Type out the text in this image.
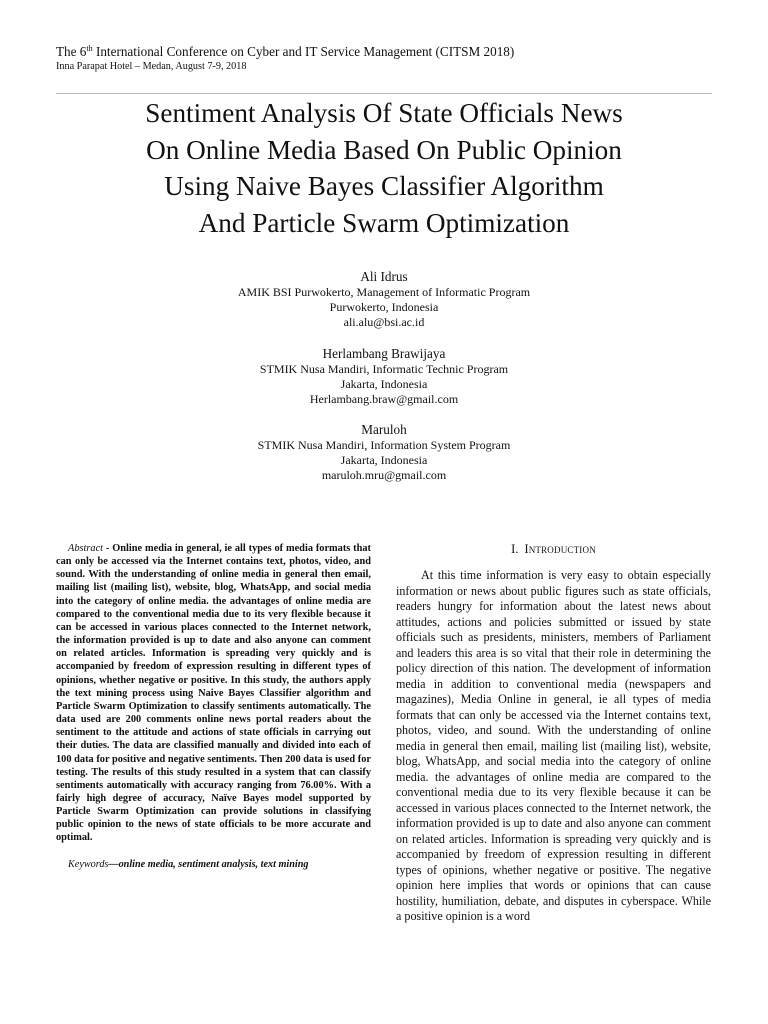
The 6th International Conference on Cyber and IT Service Management (CITSM 2018)
Inna Parapat Hotel – Medan, August 7-9, 2018
Sentiment Analysis Of State Officials News
On Online Media Based On Public Opinion
Using Naive Bayes Classifier Algorithm
And Particle Swarm Optimization
Ali Idrus
AMIK BSI Purwokerto, Management of Informatic Program
Purwokerto, Indonesia
ali.alu@bsi.ac.id
Herlambang Brawijaya
STMIK Nusa Mandiri, Informatic Technic Program
Jakarta, Indonesia
Herlambang.braw@gmail.com
Maruloh
STMIK Nusa Mandiri, Information System Program
Jakarta, Indonesia
maruloh.mru@gmail.com
Abstract - Online media in general, ie all types of media formats that can only be accessed via the Internet contains text, photos, video, and sound. With the understanding of online media in general then email, mailing list (mailing list), website, blog, WhatsApp, and social media into the category of online media. the advantages of online media are compared to the conventional media due to its very flexible because it can be accessed in various places connected to the Internet network, the information provided is up to date and also anyone can comment on related articles. Information is spreading very quickly and is accompanied by freedom of expression resulting in different types of opinions, whether negative or positive. In this study, the authors apply the text mining process using Naive Bayes Classifier algorithm and Particle Swarm Optimization to classify sentiments automatically. The data used are 200 comments online news portal readers about the sentiment to the attitude and actions of state officials in carrying out their duties. The data are classified manually and divided into each of 100 data for positive and negative sentiments. Then 200 data is used for testing. The results of this study resulted in a system that can classify sentiments automatically with accuracy ranging from 76.00%. With a fairly high degree of accuracy, Naïve Bayes model supported by Particle Swarm Optimization can provide solutions in classifying public opinion to the news of state officials to be more accurate and optimal.
Keywords—online media, sentiment analysis, text mining
I. Introduction
At this time information is very easy to obtain especially information or news about public figures such as state officials, readers hungry for information about the latest news about attitudes, actions and policies submitted or issued by state officials such as presidents, ministers, members of Parliament and leaders this area is so vital that their role in determining the policy direction of this nation. The development of information media in addition to conventional media (newspapers and magazines), Media Online in general, ie all types of media formats that can only be accessed via the Internet contains text, photos, video, and sound. With the understanding of online media in general then email, mailing list (mailing list), website, blog, WhatsApp, and social media into the category of online media. the advantages of online media are compared to the conventional media due to its very flexible because it can be accessed in various places connected to the Internet network, the information provided is up to date and also anyone can comment on related articles. Information is spreading very quickly and is accompanied by freedom of expression resulting in different types of opinions, whether negative or positive. The negative opinion here implies that words or opinions that can cause hostility, humiliation, debate, and disputes in cyberspace. While a positive opinion is a word
